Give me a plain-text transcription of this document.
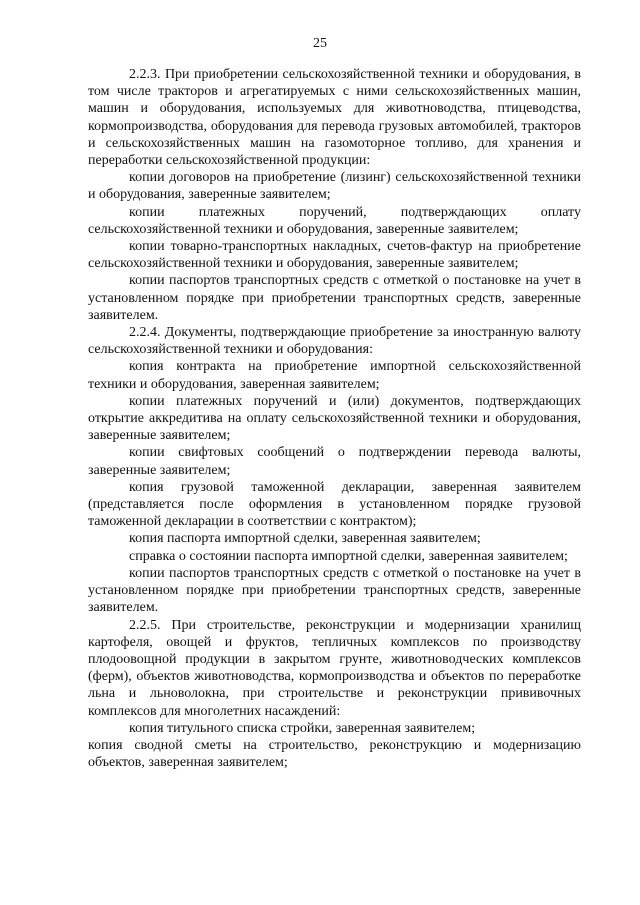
25

2.2.3. При приобретении сельскохозяйственной техники и оборудования, в том числе тракторов и агрегатируемых с ними сельскохозяйственных машин, машин и оборудования, используемых для животноводства, птицеводства, кормопроизводства, оборудования для перевода грузовых автомобилей, тракторов и сельскохозяйственных машин на газомоторное топливо, для хранения и переработки сельскохозяйственной продукции:

копии договоров на приобретение (лизинг) сельскохозяйственной техники и оборудования, заверенные заявителем;

копии платежных поручений, подтверждающих оплату сельскохозяйственной техники и оборудования, заверенные заявителем;

копии товарно-транспортных накладных, счетов-фактур на приобретение сельскохозяйственной техники и оборудования, заверенные заявителем;

копии паспортов транспортных средств с отметкой о постановке на учет в установленном порядке при приобретении транспортных средств, заверенные заявителем.

2.2.4. Документы, подтверждающие приобретение за иностранную валюту сельскохозяйственной техники и оборудования:

копия контракта на приобретение импортной сельскохозяйственной техники и оборудования, заверенная заявителем;

копии платежных поручений и (или) документов, подтверждающих открытие аккредитива на оплату сельскохозяйственной техники и оборудования, заверенные заявителем;

копии свифтовых сообщений о подтверждении перевода валюты, заверенные заявителем;

копия грузовой таможенной декларации, заверенная заявителем (представляется после оформления в установленном порядке грузовой таможенной декларации в соответствии с контрактом);

копия паспорта импортной сделки, заверенная заявителем;

справка о состоянии паспорта импортной сделки, заверенная заявителем;

копии паспортов транспортных средств с отметкой о постановке на учет в установленном порядке при приобретении транспортных средств, заверенные заявителем.

2.2.5. При строительстве, реконструкции и модернизации хранилищ картофеля, овощей и фруктов, тепличных комплексов по производству плодоовощной продукции в закрытом грунте, животноводческих комплексов (ферм), объектов животноводства, кормопроизводства и объектов по переработке льна и льноволокна, при строительстве и реконструкции прививочных комплексов для многолетних насаждений:

копия титульного списка стройки, заверенная заявителем;

копия сводной сметы на строительство, реконструкцию и модернизацию объектов, заверенная заявителем;
